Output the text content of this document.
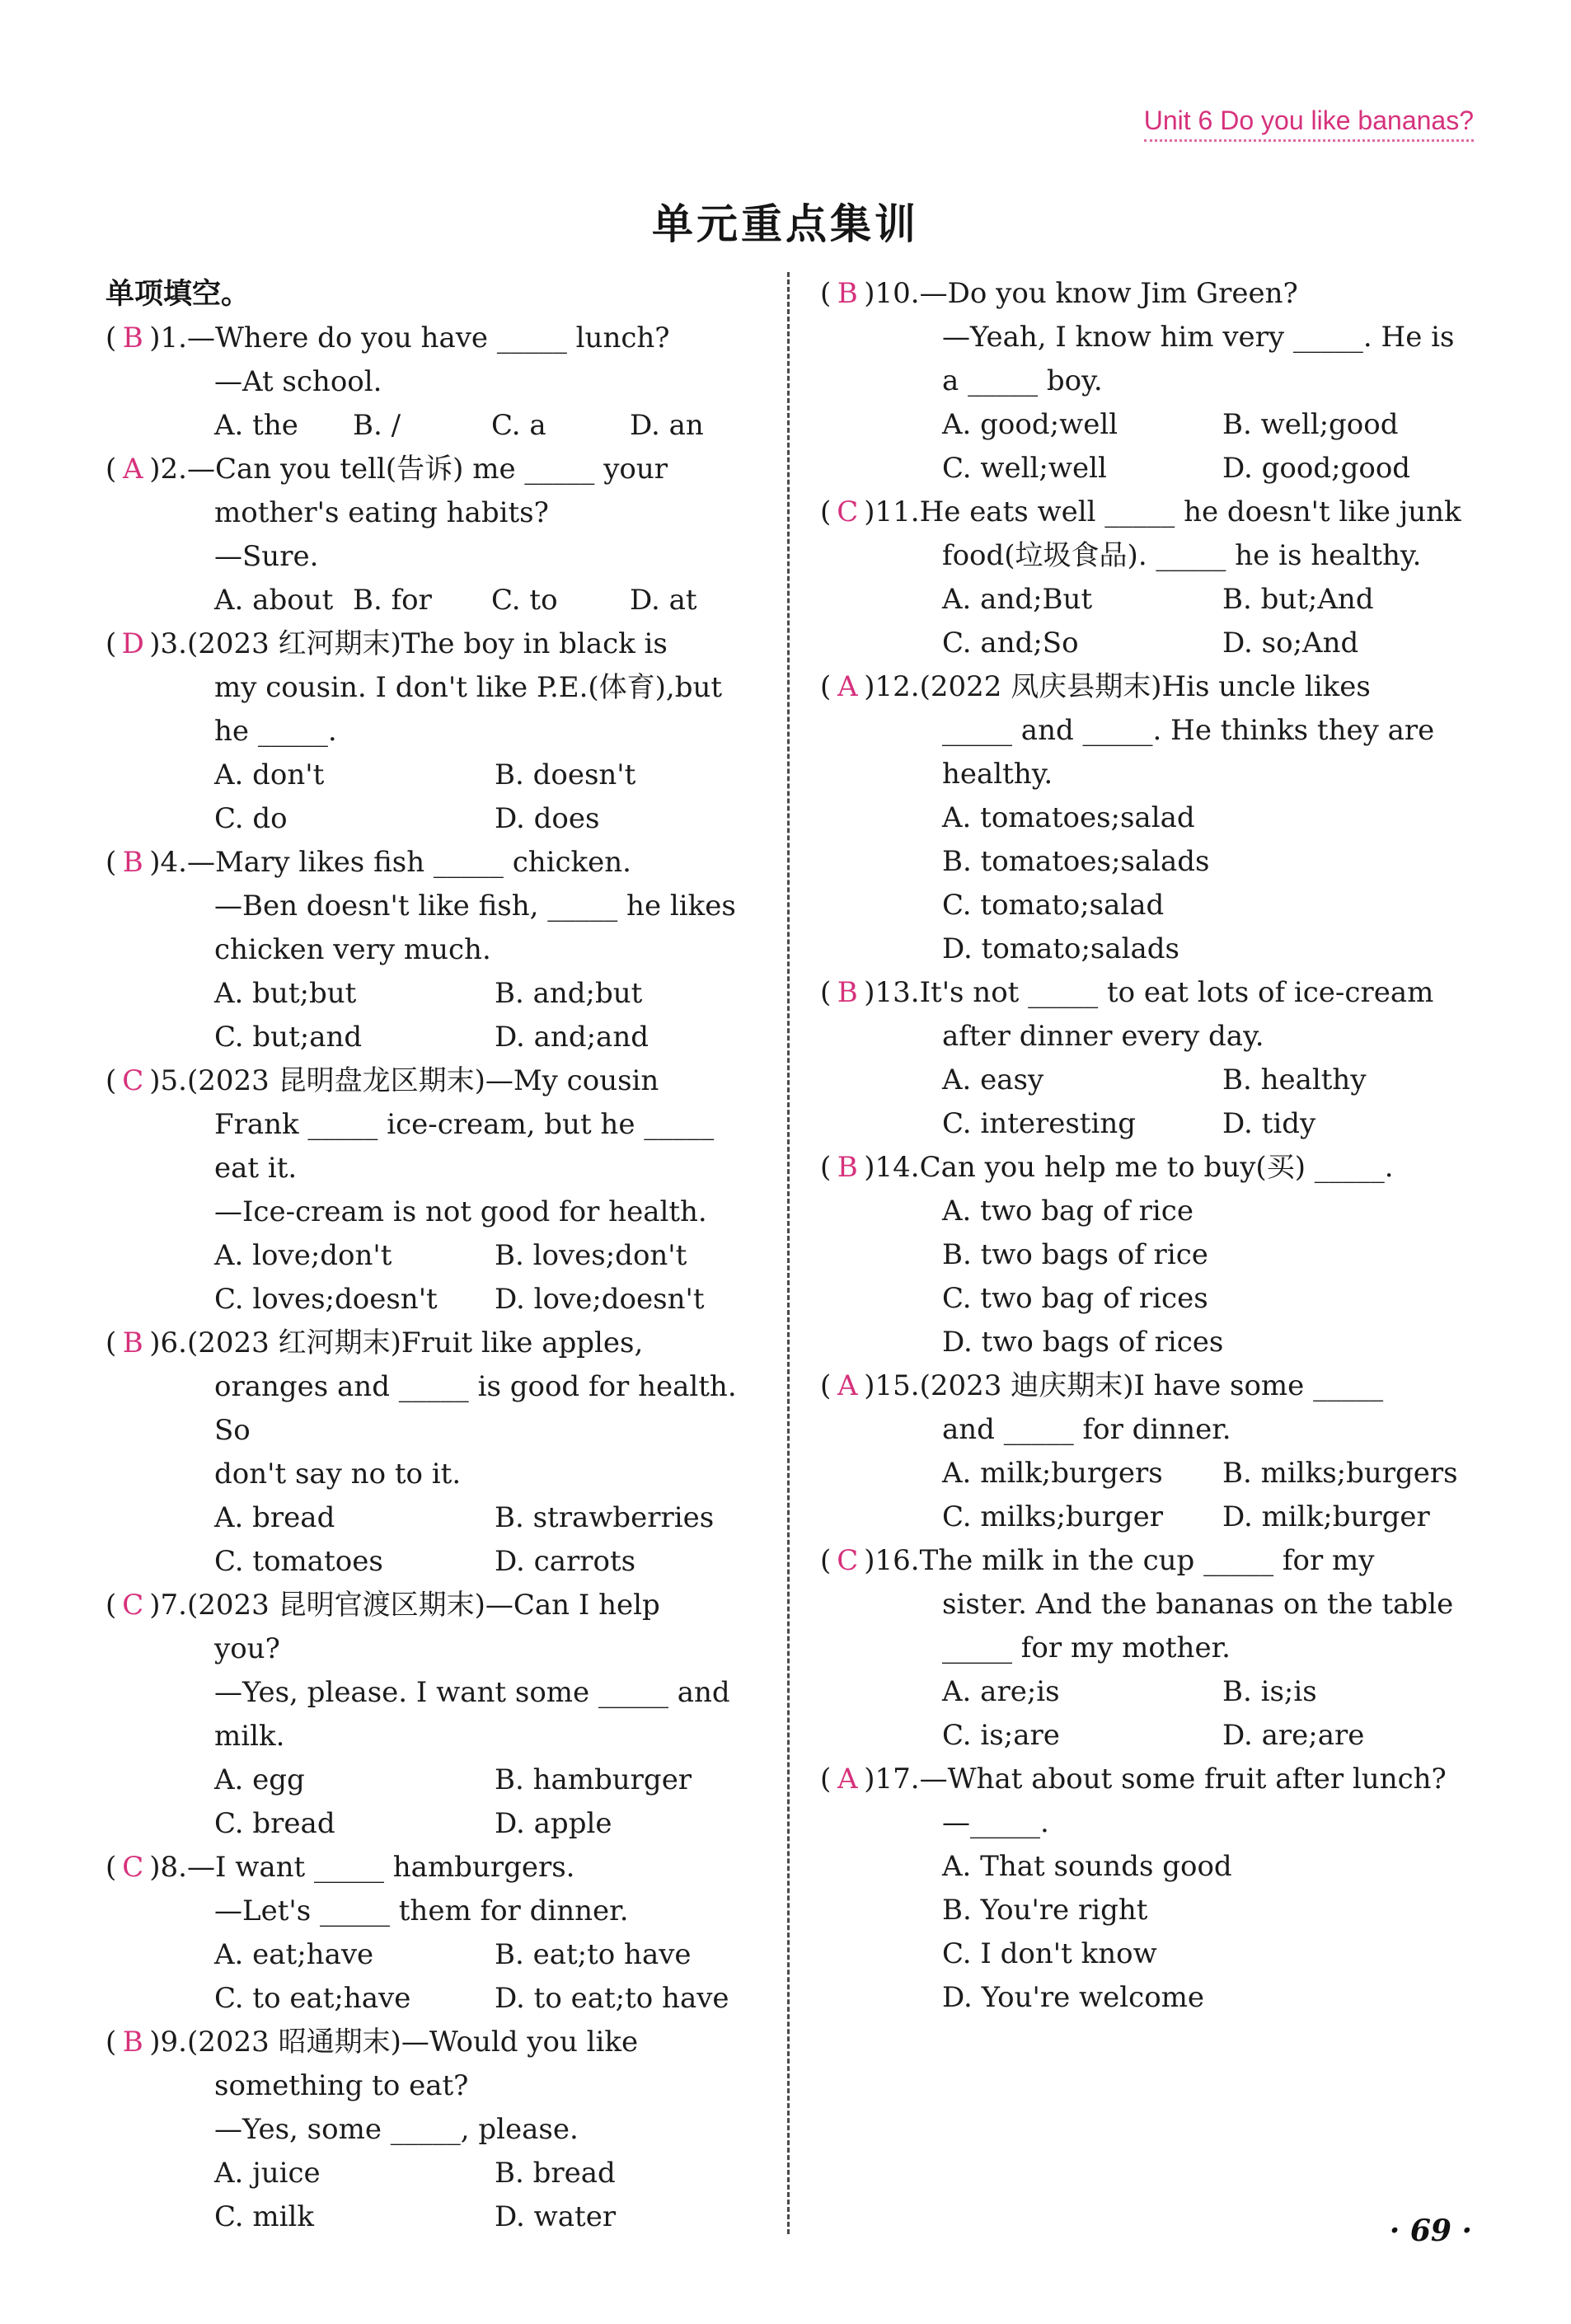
Unit 6 Do you like bananas?
单元重点集训
单项填空。
( B )1. —Where do you have _____ lunch?
—At school.
A. the	B. /	C. a	D. an
( A )2. —Can you tell(告诉) me _____ your
mother's eating habits?
—Sure.
A. about B. for	C. to	D. at
( D )3. (2023 红河期末)The boy in black is
my cousin. I don't like P.E.(体育),but
he _____.
A. don't	B. doesn't
C. do	D. does
( B )4. —Mary likes fish _____ chicken.
—Ben doesn't like fish, _____ he likes
chicken very much.
A. but;but	B. and;but
C. but;and	D. and;and
( C )5. (2023 昆明盘龙区期末)—My cousin
Frank _____ ice-cream, but he _____
eat it.
—Ice-cream is not good for health.
A. love;don't	B. loves;don't
C. loves;doesn't	D. love;doesn't
( B )6. (2023 红河期末)Fruit like apples,
oranges and _____ is good for health. So
don't say no to it.
A. bread	B. strawberries
C. tomatoes	D. carrots
( C )7. (2023 昆明官渡区期末)—Can I help
you?
—Yes, please. I want some _____ and
milk.
A. egg	B. hamburger
C. bread	D. apple
( C )8. —I want _____ hamburgers.
—Let's _____ them for dinner.
A. eat;have	B. eat;to have
C. to eat;have	D. to eat;to have
( B )9. (2023 昭通期末)—Would you like
something to eat?
—Yes, some _____, please.
A. juice	B. bread
C. milk	D. water
( B )10. —Do you know Jim Green?
—Yeah, I know him very _____. He is
a _____ boy.
A. good;well	B. well;good
C. well;well	D. good;good
( C )11. He eats well _____ he doesn't like junk
food(垃圾食品). _____ he is healthy.
A. and;But	B. but;And
C. and;So	D. so;And
( A )12. (2022 凤庆县期末)His uncle likes
_____ and _____. He thinks they are
healthy.
A. tomatoes;salad
B. tomatoes;salads
C. tomato;salad
D. tomato;salads
( B )13. It's not _____ to eat lots of ice-cream
after dinner every day.
A. easy	B. healthy
C. interesting	D. tidy
( B )14. Can you help me to buy(买) _____.
A. two bag of rice
B. two bags of rice
C. two bag of rices
D. two bags of rices
( A )15. (2023 迪庆期末)I have some _____
and _____ for dinner.
A. milk;burgers	B. milks;burgers
C. milks;burger	D. milk;burger
( C )16. The milk in the cup _____ for my
sister. And the bananas on the table
_____ for my mother.
A. are;is	B. is;is
C. is;are	D. are;are
( A )17. —What about some fruit after lunch?
—_____.
A. That sounds good
B. You're right
C. I don't know
D. You're welcome
· 69 ·
